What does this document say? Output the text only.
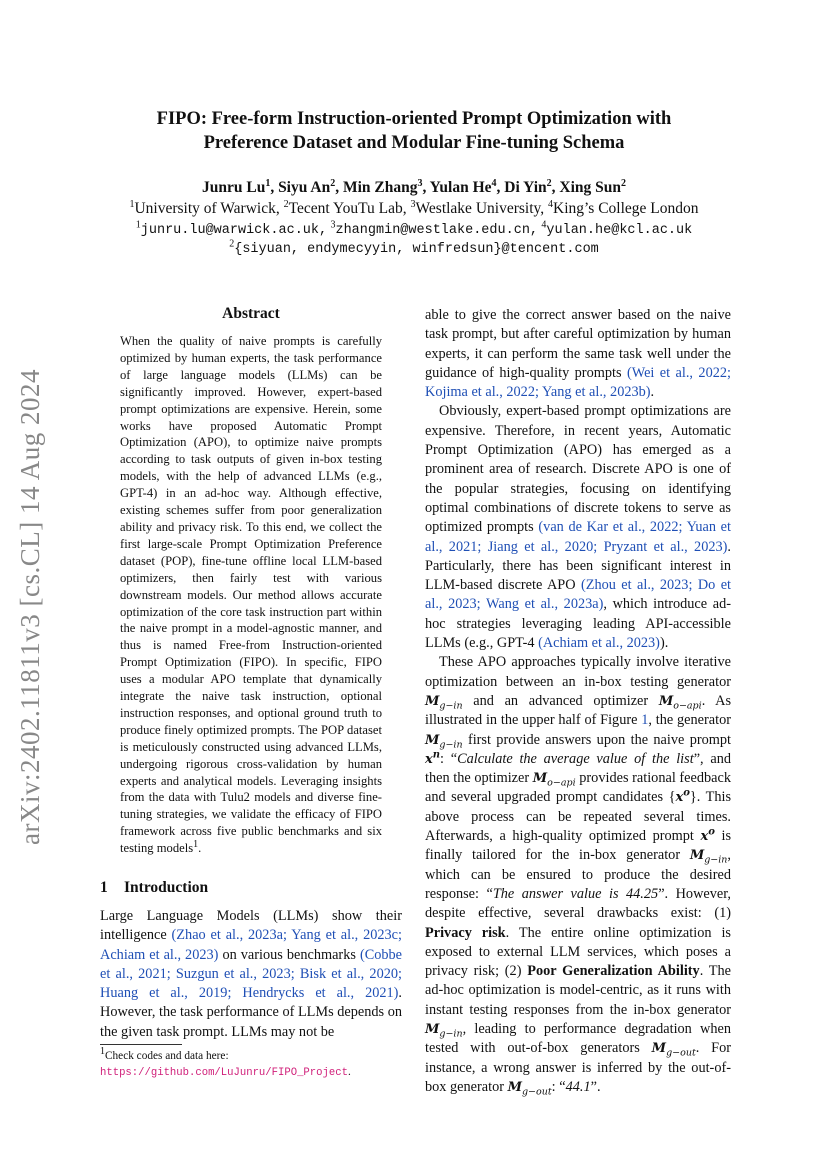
arXiv:2402.11811v3 [cs.CL] 14 Aug 2024
FIPO: Free-form Instruction-oriented Prompt Optimization with
Preference Dataset and Modular Fine-tuning Schema
Junru Lu$^1$, Siyu An$^2$, Min Zhang$^3$, Yulan He$^4$, Di Yin$^2$, Xing Sun$^2$
$^1$University of Warwick, $^2$Tecent YouTu Lab, $^3$Westlake University, $^4$King’s College London
$^1$junru.lu@warwick.ac.uk, $^3$zhangmin@westlake.edu.cn, $^4$yulan.he@kcl.ac.uk
$^2${siyuan, endymecyyin, winfredsun}@tencent.com
Abstract
When the quality of naive prompts is carefully optimized by human experts, the task performance of large language models (LLMs) can be significantly improved. However, expert-based prompt optimizations are expensive. Herein, some works have proposed Automatic Prompt Optimization (APO), to optimize naive prompts according to task outputs of given in-box testing models, with the help of advanced LLMs (e.g., GPT-4) in an ad-hoc way. Although effective, existing schemes suffer from poor generalization ability and privacy risk. To this end, we collect the first large-scale Prompt Optimization Preference dataset (POP), fine-tune offline local LLM-based optimizers, then fairly test with various downstream models. Our method allows accurate optimization of the core task instruction part within the naive prompt in a model-agnostic manner, and thus is named Free-from Instruction-oriented Prompt Optimization (FIPO). In specific, FIPO uses a modular APO template that dynamically integrate the naive task instruction, optional instruction responses, and optional ground truth to produce finely optimized prompts. The POP dataset is meticulously constructed using advanced LLMs, undergoing rigorous cross-validation by human experts and analytical models. Leveraging insights from the data with Tulu2 models and diverse fine-tuning strategies, we validate the efficacy of FIPO framework across five public benchmarks and six testing models$^1$.
1 Introduction
Large Language Models (LLMs) show their intelligence (Zhao et al., 2023a; Yang et al., 2023c; Achiam et al., 2023) on various benchmarks (Cobbe et al., 2021; Suzgun et al., 2023; Bisk et al., 2020; Huang et al., 2019; Hendrycks et al., 2021). However, the task performance of LLMs depends on the given task prompt. LLMs may not be
$^1$Check codes and data here: https://github.com/LuJunru/FIPO_Project.

able to give the correct answer based on the naive task prompt, but after careful optimization by human experts, it can perform the same task well under the guidance of high-quality prompts (Wei et al., 2022; Kojima et al., 2022; Yang et al., 2023b).

Obviously, expert-based prompt optimizations are expensive. Therefore, in recent years, Automatic Prompt Optimization (APO) has emerged as a prominent area of research. Discrete APO is one of the popular strategies, focusing on identifying optimal combinations of discrete tokens to serve as optimized prompts (van de Kar et al., 2022; Yuan et al., 2021; Jiang et al., 2020; Pryzant et al., 2023). Particularly, there has been significant interest in LLM-based discrete APO (Zhou et al., 2023; Do et al., 2023; Wang et al., 2023a), which introduce ad-hoc strategies leveraging leading API-accessible LLMs (e.g., GPT-4 (Achiam et al., 2023)).

These APO approaches typically involve iterative optimization between an in-box testing generator $M_{g-in}$ and an advanced optimizer $M_{o-api}$. As illustrated in the upper half of Figure 1, the generator $M_{g-in}$ first provide answers upon the naive prompt $x^n$: “Calculate the average value of the list”, and then the optimizer $M_{o-api}$ provides rational feedback and several upgraded prompt candidates $\{x^o\}$. This above process can be repeated several times. Afterwards, a high-quality optimized prompt $x^o$ is finally tailored for the in-box generator $M_{g-in}$, which can be ensured to produce the desired response: “The answer value is 44.25”. However, despite effective, several drawbacks exist: (1) Privacy risk. The entire online optimization is exposed to external LLM services, which poses a privacy risk; (2) Poor Generalization Ability. The ad-hoc optimization is model-centric, as it runs with instant testing responses from the in-box generator $M_{g-in}$, leading to performance degradation when tested with out-of-box generators $M_{g-out}$. For instance, a wrong answer is inferred by the out-of-box generator $M_{g-out}$: “44.1”.
